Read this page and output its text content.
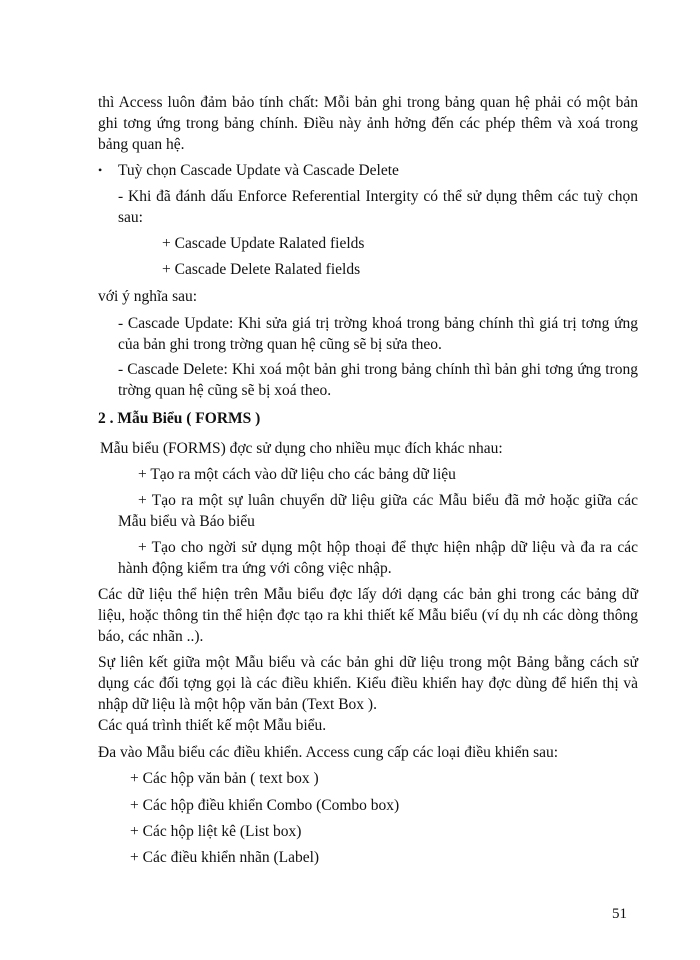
thì Access luôn đảm bảo tính chất: Mỗi bản ghi trong bảng quan hệ phải có một bản ghi tơng ứng trong bảng chính. Điều này ảnh hởng đến các phép thêm và xoá trong bảng quan hệ.

• Tuỳ chọn Cascade Update và Cascade Delete

- Khi đã đánh dấu Enforce Referential Intergity có thể sử dụng thêm các tuỳ chọn sau:

+ Cascade Update Ralated fields

+ Cascade Delete Ralated fields

với ý nghĩa sau:

- Cascade Update: Khi sửa giá trị trờng khoá trong bảng chính thì giá trị tơng ứng của bản ghi trong trờng quan hệ cũng sẽ bị sửa theo.

- Cascade Delete: Khi xoá một bản ghi trong bảng chính thì bản ghi tơng ứng trong trờng quan hệ cũng sẽ bị xoá theo.

2 . Mẫu Biểu ( FORMS )

Mẫu biểu (FORMS) đợc sử dụng cho nhiều mục đích khác nhau:

+ Tạo ra một cách vào dữ liệu cho các bảng dữ liệu

+ Tạo ra một sự luân chuyển dữ liệu giữa các Mẫu biểu đã mở hoặc giữa các Mẫu biểu và Báo biểu

+ Tạo cho ngời sử dụng một hộp thoại để thực hiện nhập dữ liệu và đa ra các hành động kiểm tra ứng với công việc nhập.

Các dữ liệu thể hiện trên Mẫu biểu đợc lấy dới dạng các bản ghi trong các bảng dữ liệu, hoặc thông tin thể hiện đợc tạo ra khi thiết kế Mẫu biểu (ví dụ nh các dòng thông báo, các nhãn ..).

Sự liên kết giữa một Mẫu biểu và các bản ghi dữ liệu trong một Bảng bằng cách sử dụng các đối tợng gọi là các điều khiển. Kiểu điều khiển hay đợc dùng để hiển thị và nhập dữ liệu là một hộp văn bản (Text Box ).

Các quá trình thiết kế một Mẫu biểu.

Đa vào Mẫu biểu các điều khiển. Access cung cấp các loại điều khiển sau:

+ Các hộp văn bản ( text box )

+ Các hộp điều khiển Combo (Combo box)

+ Các hộp liệt kê (List box)

+ Các điều khiển nhãn (Label)

51
